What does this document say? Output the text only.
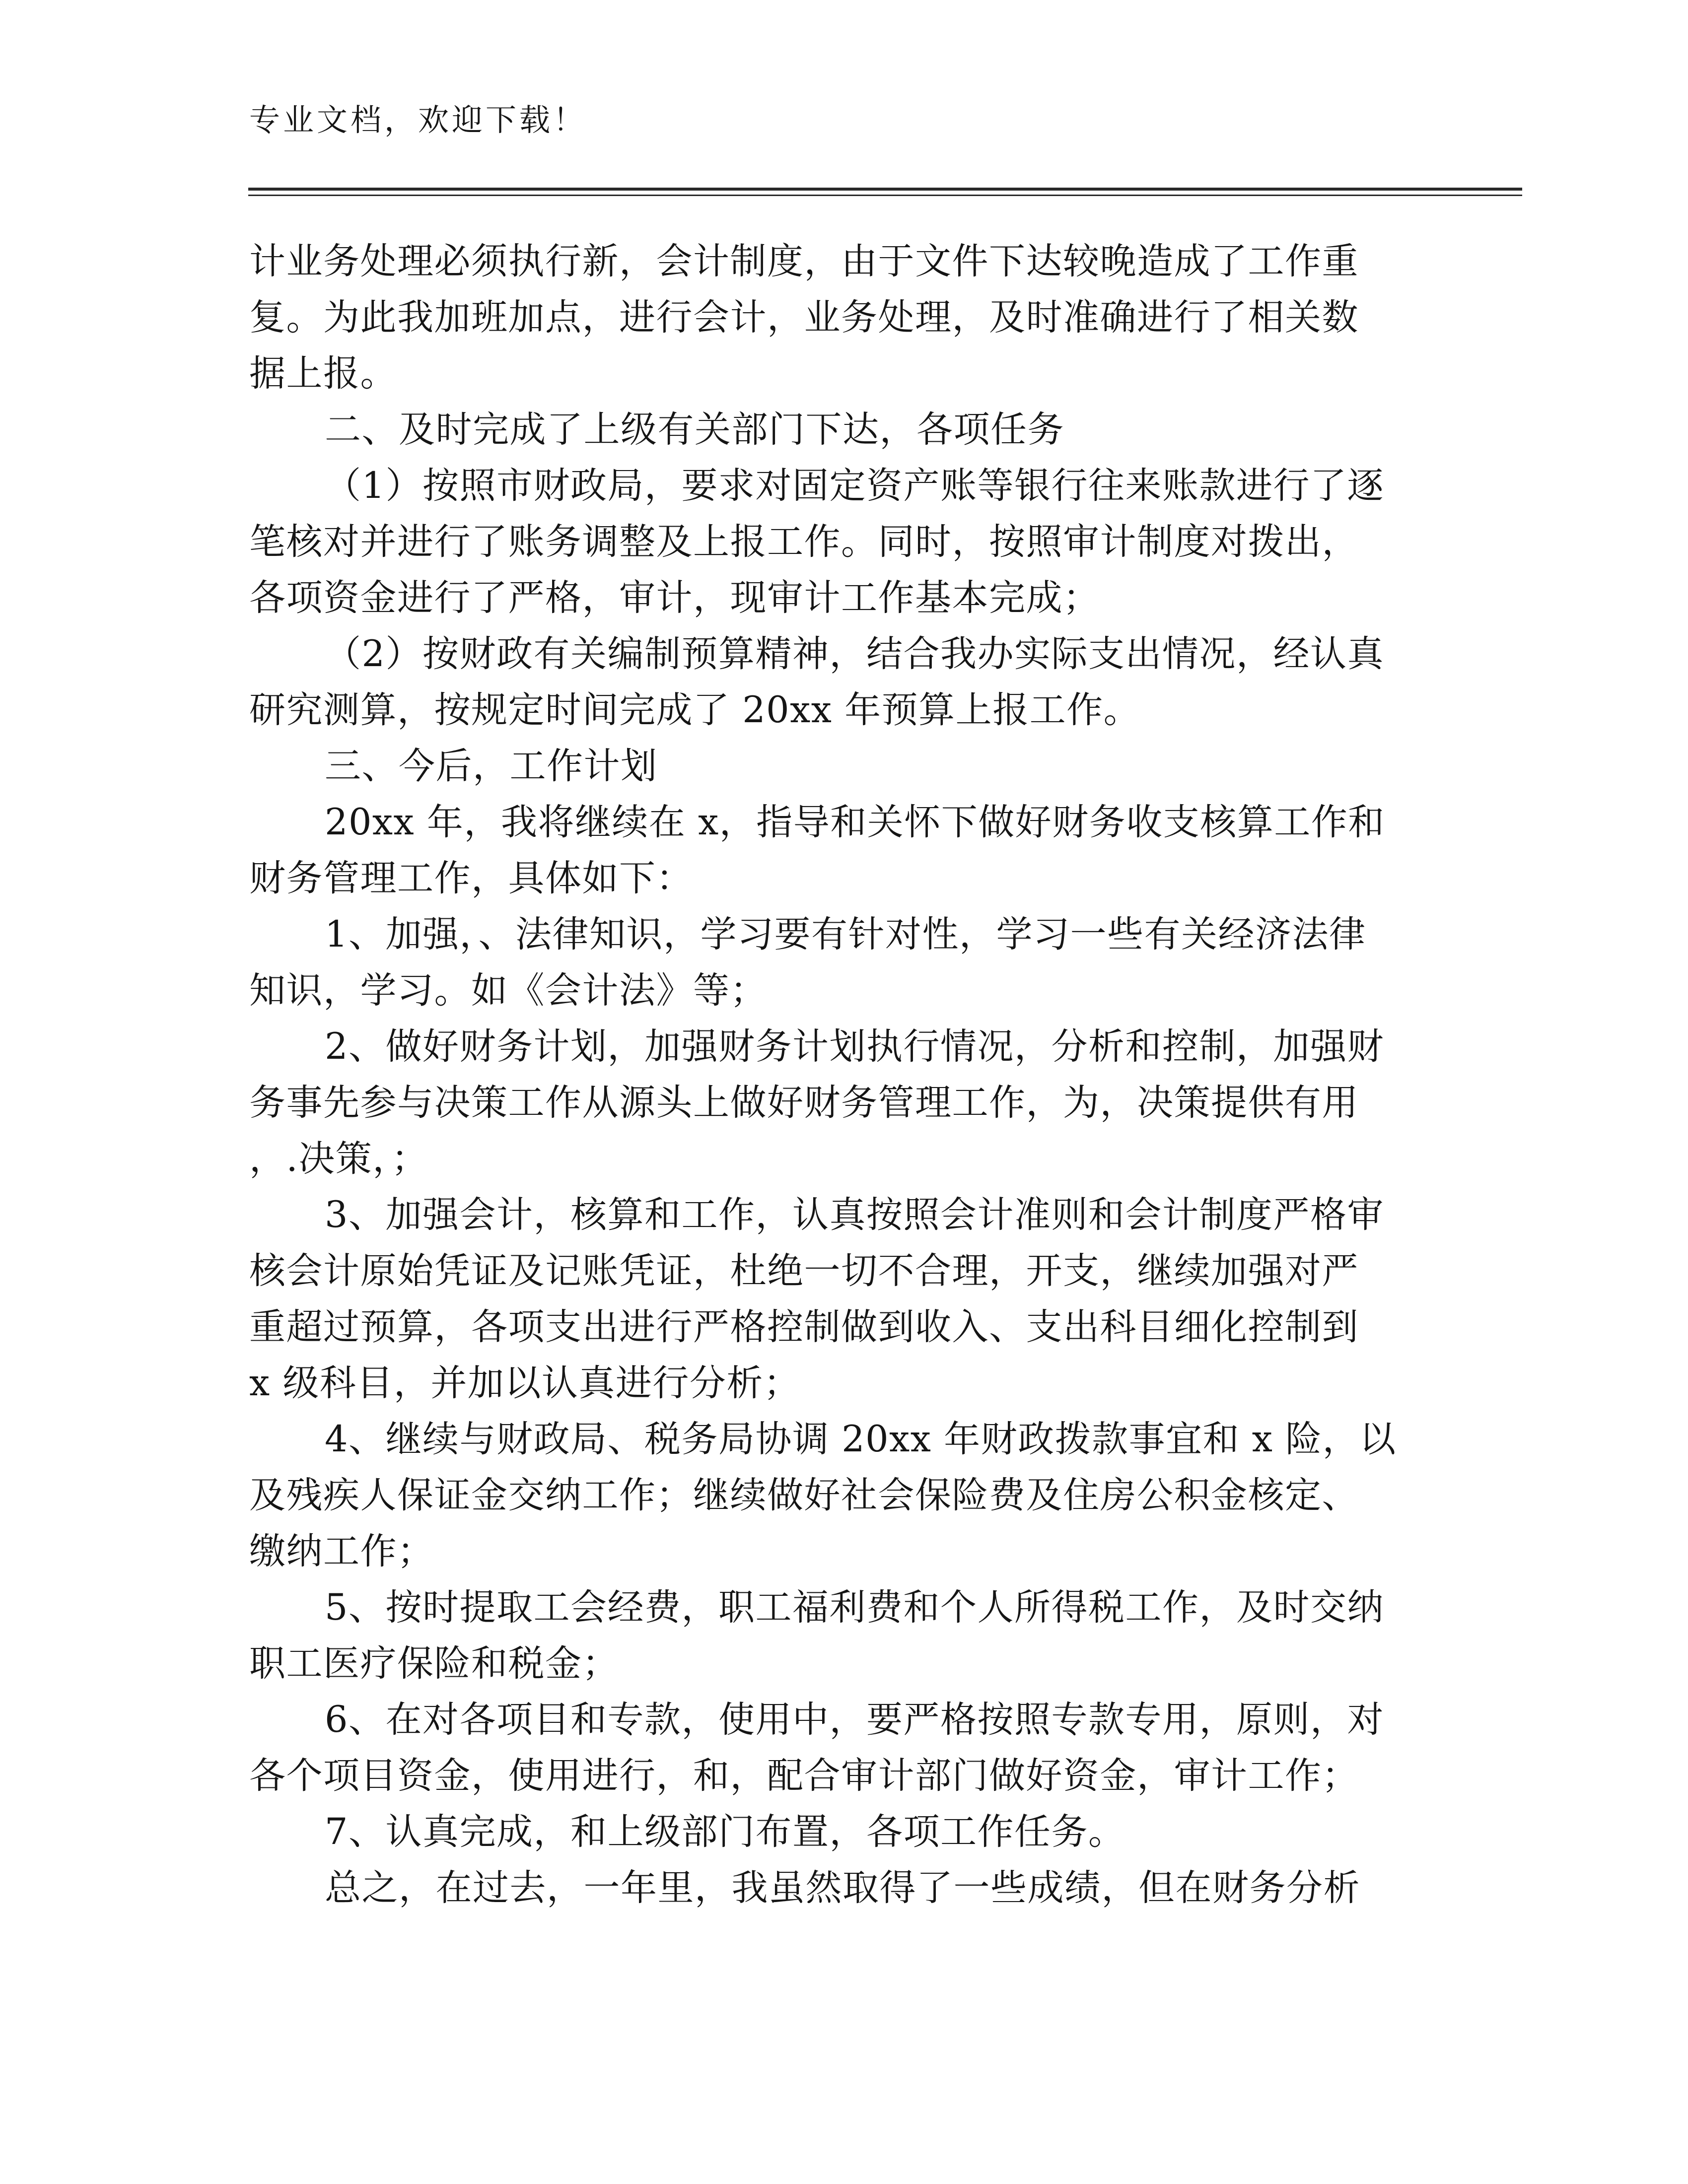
专业文档，欢迎下载！
计业务处理必须执行新，会计制度，由于文件下达较晚造成了工作重
复。为此我加班加点，进行会计，业务处理，及时准确进行了相关数
据上报。
二、及时完成了上级有关部门下达，各项任务
（1）按照市财政局，要求对固定资产账等银行往来账款进行了逐
笔核对并进行了账务调整及上报工作。同时，按照审计制度对拨出，
各项资金进行了严格，审计，现审计工作基本完成；
（2）按财政有关编制预算精神，结合我办实际支出情况，经认真
研究测算，按规定时间完成了 20xx 年预算上报工作。
三、今后，工作计划
20xx 年，我将继续在 x，指导和关怀下做好财务收支核算工作和
财务管理工作，具体如下：
1、加强，、法律知识，学习要有针对性，学习一些有关经济法律
知识，学习。如《会计法》等；
2、做好财务计划，加强财务计划执行情况，分析和控制，加强财
务事先参与决策工作从源头上做好财务管理工作，为，决策提供有用
，.决策，；
3、加强会计，核算和工作，认真按照会计准则和会计制度严格审
核会计原始凭证及记账凭证，杜绝一切不合理，开支，继续加强对严
重超过预算，各项支出进行严格控制做到收入、支出科目细化控制到
x 级科目，并加以认真进行分析；
4、继续与财政局、税务局协调 20xx 年财政拨款事宜和 x 险，以
及残疾人保证金交纳工作；继续做好社会保险费及住房公积金核定、
缴纳工作；
5、按时提取工会经费，职工福利费和个人所得税工作，及时交纳
职工医疗保险和税金；
6、在对各项目和专款，使用中，要严格按照专款专用，原则，对
各个项目资金，使用进行，和，配合审计部门做好资金，审计工作；
7、认真完成，和上级部门布置，各项工作任务。
总之，在过去，一年里，我虽然取得了一些成绩，但在财务分析
